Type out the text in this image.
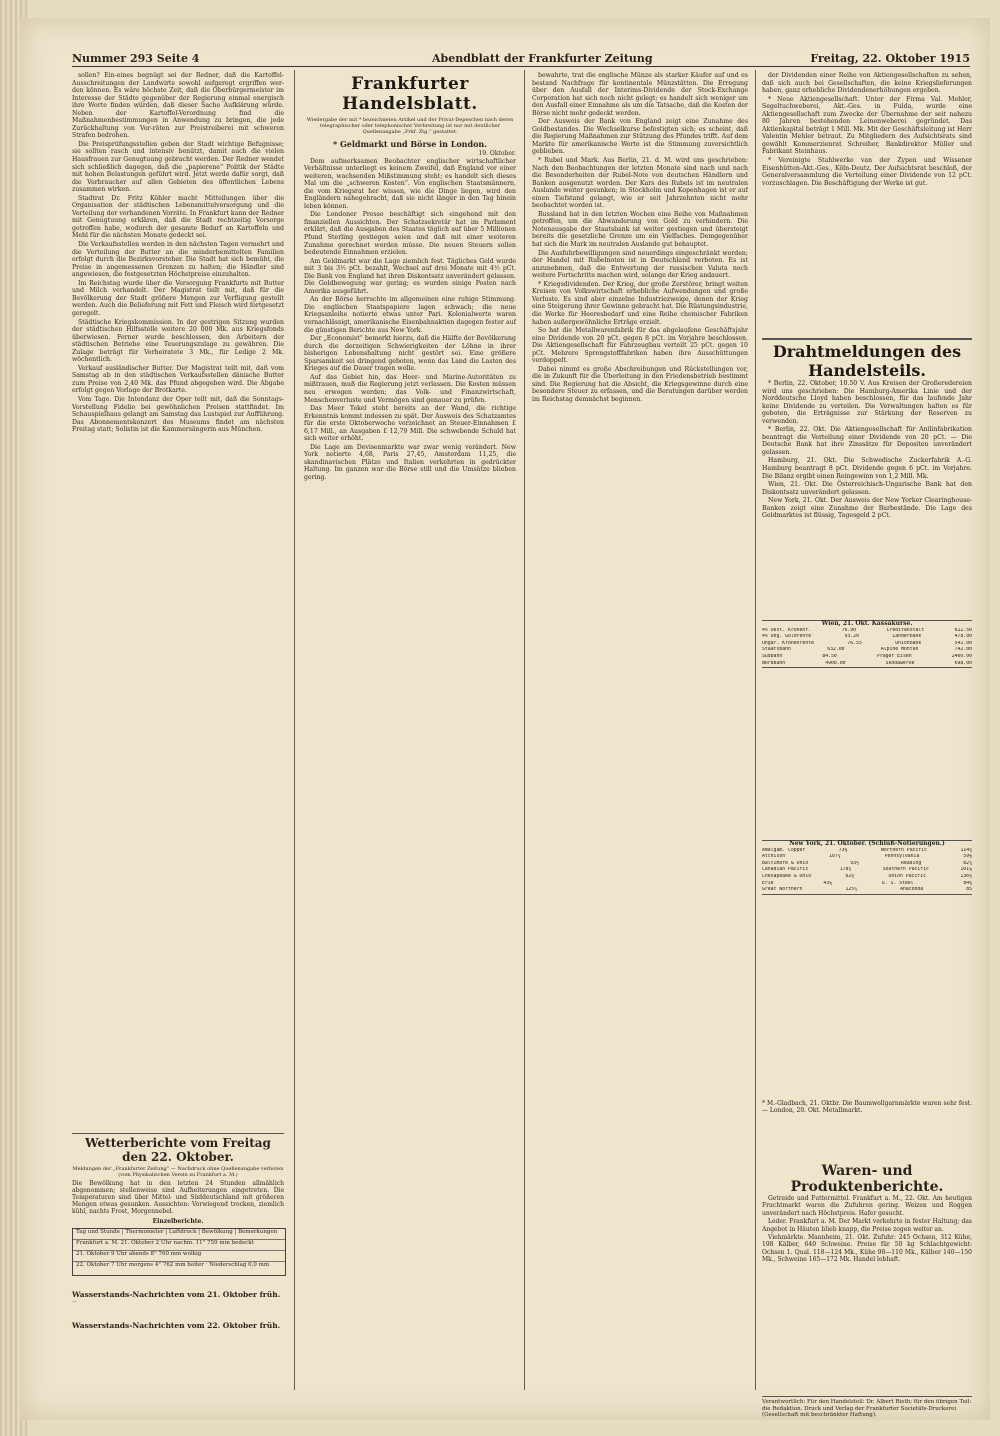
Nummer 293 Seite 4	Abendblatt der Frankfurter Zeitung	Freitag, 22. Oktober 1915

sollen? Ein-eines begnügt sei der Redner, daß die Kartoffel-Ausschreitungen der Landwirte sowohl aufgeregt ergriffen wer-den können. Es wäre höchste Zeit, daß die Oberbürgermeister im Interesse der Städte gegenüber der Regierung einmal energisch ihre Worte finden würden, daß dieser Sache Aufklärung würde. Neben der Kartoffel-Verordnung find die Maßnahmenbestimmungen in Anwendung zu bringen, die jede Zurückhaltung von Vor-räten zur Preistreiberei mit schweren Strafen bedrohen.

Die Preisprüfungsstellen geben der Stadt wichtige Befugnisse; sie sollten rasch und intensiv benützt, damit auch die vielen Hausfrauen zur Genugtuung gebracht werden. Der Redner wendet sich schließlich dagegen, daß die „papierene“ Politik der Städte mit hohen Belastungen geführt wird. Jetzt werde dafür sorgt, daß die Verbraucher auf allen Gebieten des öffentlichen Lebens zusammen wirken.

Stadtrat Dr. Fritz Köhler macht Mitteilungen über die Organisation der städtischen Lebensmittelversorgung und die Verteilung der vorhandenen Vorräte. In Frankfurt kann der Redner mit Genugtuung erklären, daß die Stadt rechtzeitig Vorsorge getroffen habe, wodurch der gesamte Bedarf an Kartoffeln und Mehl für die nächsten Monate gedeckt sei.

Die Verkaufsstellen werden in den nächsten Tagen vermehrt und die Verteilung der Butter an die minderbemittelten Familien erfolgt durch die Bezirksvorsteher. Die Stadt hat sich bemüht, die Preise in angemessenen Grenzen zu halten; die Händler sind angewiesen, die festgesetzten Höchstpreise einzuhalten.

Im Reichstag wurde über die Versorgung Frankfurts mit Butter und Milch verhandelt. Der Magistrat teilt mit, daß für die Bevölkerung der Stadt größere Mengen zur Verfügung gestellt werden. Auch die Belieferung mit Fett und Fleisch wird fortgesetzt geregelt.

Städtische Kriegskommission. In der gestrigen Sitzung wurden der städtischen Hilfsstelle weitere 20 000 Mk. aus Kriegsfonds überwiesen. Ferner wurde beschlossen, den Arbeitern der städtischen Betriebe eine Teuerungszulage zu gewähren. Die Zulage beträgt für Verheiratete 3 Mk., für Ledige 2 Mk. wöchentlich.

Verkauf ausländischer Butter. Der Magistrat teilt mit, daß vom Samstag ab in den städtischen Verkaufsstellen dänische Butter zum Preise von 2,40 Mk. das Pfund abgegeben wird. Die Abgabe erfolgt gegen Vorlage der Brotkarte.

Vom Tage. Die Intendanz der Oper teilt mit, daß die Sonntags-Vorstellung Fidelio bei gewöhnlichen Preisen stattfindet. Im Schauspielhaus gelangt am Samstag das Lustspiel zur Aufführung. Das Abonnementskonzert des Museums findet am nächsten Freitag statt; Solistin ist die Kammersängerin aus München.

Wetterberichte vom Freitag den 22. Oktober.
Meldungen der „Frankfurter Zeitung“ — Nachdruck ohne Quellenangabe verboten (vom Physikalischen Verein zu Frankfurt a. M.)
Die Bewölkung hat in den letzten 24 Stunden allmählich abgenommen; stellenweise sind Aufheiterungen eingetreten. Die Temperaturen sind über Mittel- und Süddeutschland mit größeren Mengen etwas gesunken. Aussichten: Vorwiegend trocken, ziemlich kühl, nachts Frost, Morgennebel.
Einzelberichte.
Tag und Stunde | Thermometer | Luftdruck | Bewölkung | Bemerkungen
Frankfurt a. M. 21. Oktober 2 Uhr nachm. 11° 759 mm bedeckt
21. Oktober 9 Uhr abends 8° 760 mm wolkig
22. Oktober 7 Uhr morgens 4° 762 mm heiter · Niederschlag 0,0 mm
Wasserstands-Nachrichten vom 21. Oktober früh.
—
Wasserstands-Nachrichten vom 22. Oktober früh.
Frankfurter Handelsblatt.
Wiedergabe der mit * bezeichneten Artikel und der Privat-Depeschen nach deren telegraphischer oder telephonischer Verbreitung ist nur mit deutlicher Quellenangabe „Frkf. Ztg.“ gestattet.
* Geldmarkt und Börse in London.
19. Oktober.

Dem aufmerksamen Beobachter englischer wirtschaftlicher Verhältnisse unterliegt es keinem Zweifel, daß England vor einer weiteren, wachsenden Mißstimmung steht; es handelt sich dieses Mal um die „schweren Kosten“. Von englischen Staatsmännern, die vom Kriegsrat her wissen, wie die Dinge liegen, wird den Engländern nahegebracht, daß sie nicht länger in den Tag hinein leben können.

Die Londoner Presse beschäftigt sich eingehend mit den finanziellen Aussichten. Der Schatzsekretär hat im Parlament erklärt, daß die Ausgaben des Staates täglich auf über 5 Millionen Pfund Sterling gestiegen seien und daß mit einer weiteren Zunahme gerechnet werden müsse. Die neuen Steuern sollen bedeutende Einnahmen erzielen.

Am Geldmarkt war die Lage ziemlich fest. Tägliches Geld wurde mit 3 bis 3½ pCt. bezahlt, Wechsel auf drei Monate mit 4½ pCt. Die Bank von England hat ihren Diskontsatz unverändert gelassen. Die Goldbewegung war gering; es wurden einige Posten nach Amerika ausgeführt.

An der Börse herrschte im allgemeinen eine ruhige Stimmung. Die englischen Staatspapiere lagen schwach; die neue Kriegsanleihe notierte etwas unter Pari. Kolonialwerte waren vernachlässigt, amerikanische Eisenbahnaktien dagegen fester auf die günstigen Berichte aus New York.

Der „Economist“ bemerkt hierzu, daß die Hälfte der Bevölkerung durch die derzeitigen Schwierigkeiten der Löhne in ihrer bisherigen Lebenshaltung nicht gestört sei. Eine größere Sparsamkeit sei dringend geboten, wenn das Land die Lasten des Krieges auf die Dauer tragen wolle.

Auf das Gebiet hin, das Heer- und Marine-Autoritäten zu mißtrauen, muß die Regierung jetzt verlassen. Die Kosten müssen neu erwogen werden; das Volk- und Finanzwirtschaft, Menschenverluste und Vermögen sind genauer zu prüfen.

Das Meer Tekel steht bereits an der Wand, die richtige Erkenntnis kommt indessen zu spät. Der Ausweis des Schatzamtes für die erste Oktoberwoche verzeichnet an Steuer-Einnahmen £ 6,17 Mill., an Ausgaben £ 12,79 Mill. Die schwebende Schuld hat sich weiter erhöht.

Die Lage am Devisenmarkte war zwar wenig verändert. New York notierte 4,68, Paris 27,45, Amsterdam 11,25, die skandinavischen Plätze und Italien verkehrten in gedrückter Haltung. Im ganzen war die Börse still und die Umsätze blieben gering.

bewahrte, trat die englische Münze als starker Käufer auf und es bestand Nachfrage für kontinentale Münzstätten. Die Erregung über den Ausfall der Interims-Dividende der Stock-Exchange Corporation hat sich noch nicht gelegt; es handelt sich weniger um den Ausfall einer Einnahme als um die Tatsache, daß die Kosten der Börse nicht mehr gedeckt werden.

Der Ausweis der Bank von England zeigt eine Zunahme des Goldbestandes. Die Wechselkurse befestigten sich; es scheint, daß die Regierung Maßnahmen zur Stützung des Pfundes trifft. Auf dem Markte für amerikanische Werte ist die Stimmung zuversichtlich geblieben.

* Rubel und Mark. Aus Berlin, 21. d. M. wird uns geschrieben: Nach den Beobachtungen der letzten Monate sind nach und nach die Besonderheiten der Rubel-Note von deutschen Händlern und Banken ausgenutzt worden. Der Kurs des Rubels ist im neutralen Auslande weiter gesunken; in Stockholm und Kopenhagen ist er auf einen Tiefstand gelangt, wie er seit Jahrzehnten nicht mehr beobachtet worden ist.

Russland hat in den letzten Wochen eine Reihe von Maßnahmen getroffen, um die Abwanderung von Gold zu verhindern. Die Notenausgabe der Staatsbank ist weiter gestiegen und übersteigt bereits die gesetzliche Grenze um ein Vielfaches. Demgegenüber hat sich die Mark im neutralen Auslande gut behauptet.

Die Ausfuhrbewilligungen sind neuerdings eingeschränkt worden; der Handel mit Rubelnoten ist in Deutschland verboten. Es ist anzunehmen, daß die Entwertung der russischen Valuta noch weitere Fortschritte machen wird, solange der Krieg andauert.

* Kriegsdividenden. Der Krieg, der große Zerstörer, bringt weiten Kreisen von Volkswirtschaft erhebliche Aufwendungen und große Verluste. Es sind aber einzelne Industriezweige, denen der Krieg eine Steigerung ihrer Gewinne gebracht hat. Die Rüstungsindustrie, die Werke für Heeresbedarf und eine Reihe chemischer Fabriken haben außergewöhnliche Erträge erzielt.

So hat die Metallwarenfabrik für das abgelaufene Geschäftsjahr eine Dividende von 20 pCt. gegen 8 pCt. im Vorjahre beschlossen. Die Aktiengesellschaft für Fahrzeugbau verteilt 25 pCt. gegen 10 pCt. Mehrere Sprengstofffabriken haben ihre Ausschüttungen verdoppelt.

Dabei nimmt es große Abschreibungen und Rückstellungen vor, die in Zukunft für die Überleitung in den Friedensbetrieb bestimmt sind. Die Regierung hat die Absicht, die Kriegsgewinne durch eine besondere Steuer zu erfassen, und die Beratungen darüber werden im Reichstag demnächst beginnen.

der Dividenden einer Reihe von Aktiengesellschaften zu sehen, daß sich auch bei Gesellschaften, die keine Kriegslieferungen haben, ganz erhebliche Dividendenerhöhungen ergeben.

* Neue Aktiengesellschaft. Unter der Firma Val. Mehler, Segeltuchweberei, Akt.-Ges. in Fulda, wurde eine Aktiengesellschaft zum Zwecke der Übernahme der seit nahezu 80 Jahren bestehenden Leinenweberei gegründet. Das Aktienkapital beträgt 1 Mill. Mk. Mit der Geschäftsleitung ist Herr Valentin Mehler betraut. Zu Mitgliedern des Aufsichtsrats sind gewählt Kommerzienrat Schreiber, Bankdirektor Müller und Fabrikant Steinhaus.

* Vereinigte Stahlwerke van der Zypen und Wissener Eisenhütten-Akt.-Ges., Köln-Deutz. Der Aufsichtsrat beschloß, der Generalversammlung die Verteilung einer Dividende von 12 pCt. vorzuschlagen. Die Beschäftigung der Werke ist gut.

Drahtmeldungen des Handelsteils.

* Berlin, 22. Oktober, 10.50 V. Aus Kreisen der Großeredereien wird uns geschrieben: Die Hamburg-Amerika Linie und der Norddeutsche Lloyd haben beschlossen, für das laufende Jahr keine Dividende zu verteilen. Die Verwaltungen halten es für geboten, die Erträgnisse zur Stärkung der Reserven zu verwenden.

* Berlin, 22. Okt. Die Aktiengesellschaft für Anilinfabrikation beantragt die Verteilung einer Dividende von 20 pCt. — Die Deutsche Bank hat ihre Zinssätze für Depositen unverändert gelassen.

Hamburg, 21. Okt. Die Schwedische Zuckerfabrik A.-G. Hamburg beantragt 8 pCt. Dividende gegen 6 pCt. im Vorjahre. Die Bilanz ergibt einen Reingewinn von 1,2 Mill. Mk.

Wien, 21. Okt. Die Österreichisch-Ungarische Bank hat den Diskontsatz unverändert gelassen.

New York, 21. Okt. Der Ausweis der New Yorker Clearinghouse-Banken zeigt eine Zunahme der Barbestände. Die Lage des Geldmarktes ist flüssig, Tagesgeld 2 pCt.

Wien, 21. Okt. Kassakurse.
4% Oest. Kronenr.	76.90	Creditanstalt	612.50
4% Ung. Goldrente	93.20	Länderbank	478.00
Ungar. Kronenrente	76.55	Unionbank	541.00
Staatsbahn	632.00	Alpine Montan	742.00
Südbahn	84.50	Prager Eisen	2460.00
Nordbahn	4900.00	Skodawerke	698.00
New York, 21. Oktober. (Schluß-Notierungen.)
Amalgam. Copper	73⅛	Northern Pacific	114¾
Atchison	107¼	Pennsylvania	59⅛
Baltimore & Ohio	93½	Reading	82¼
Canadian Pacific	178¾	Southern Pacific	101⅞
Chesapeake & Ohio	62⅜	Union Pacific	136½
Erie	43⅞	U. S. Steel	84⅝
Great Northern	125¼	Anaconda	85
* M.-Gladbach, 21. Oktbr. Die Baumwollgarnmärkte waren sehr fest. — London, 20. Okt. Metallmarkt.
Waren- und Produktenberichte.

Getreide und Futtermittel. Frankfurt a. M., 22. Okt. Am heutigen Fruchtmarkt waren die Zufuhren gering. Weizen und Roggen unverändert nach Höchstpreis. Hafer gesucht.

Leder. Frankfurt a. M. Der Markt verkehrte in fester Haltung; das Angebot in Häuten blieb knapp, die Preise zogen weiter an.

Viehmärkte. Mannheim, 21. Okt. Zufuhr: 245 Ochsen, 312 Kühe, 198 Kälber, 640 Schweine. Preise für 50 kg Schlachtgewicht: Ochsen 1. Qual. 118—124 Mk., Kühe 98—110 Mk., Kälber 140—150 Mk., Schweine 165—172 Mk. Handel lebhaft.

Verantwortlich: Für den Handelsteil: Dr. Albert Rieth; für den übrigen Teil: die Redaktion. Druck und Verlag der Frankfurter Societäts-Druckerei (Gesellschaft mit beschränkter Haftung).
